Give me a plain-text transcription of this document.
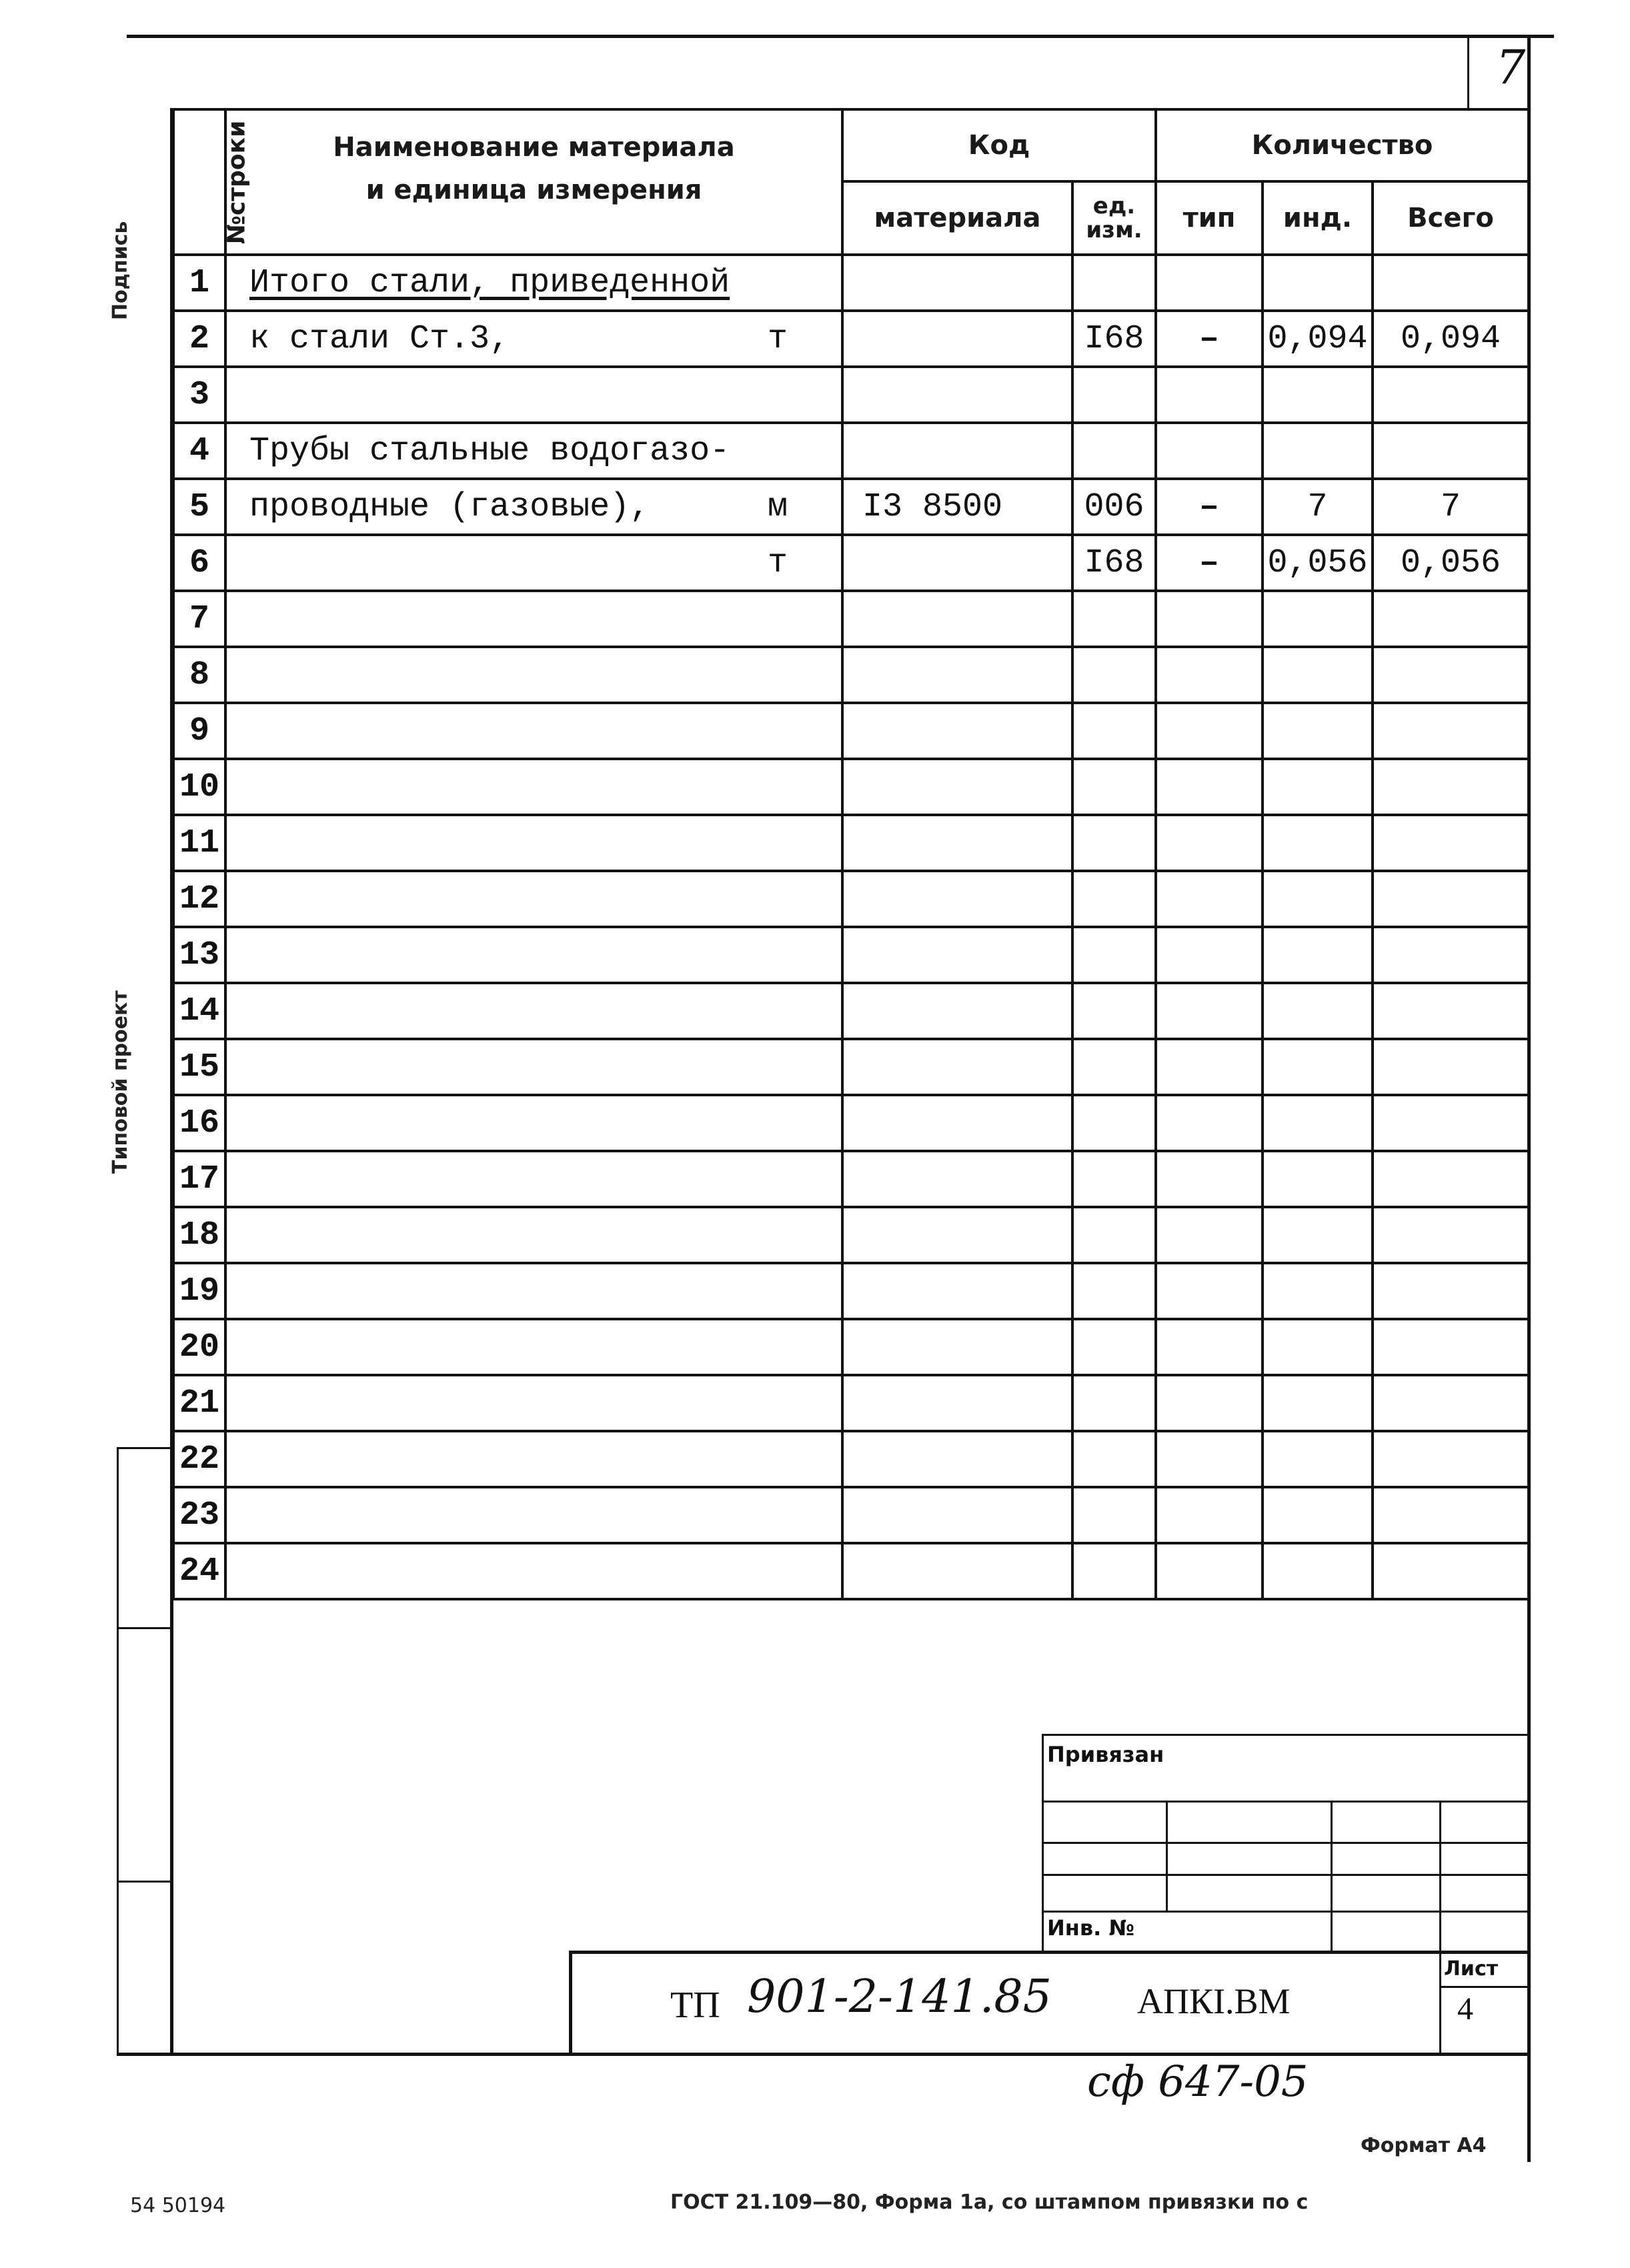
7
Подпись
Типовой проект
№строки	Наименование материала
и единица измерения	Код		Количество		
		материала	ед.
изм.	тип	инд.	Всего
1	Итого стали, приведенной

2	к стали Ст.3, т		I68	–	0,094	0,094
3	

4	Трубы стальные водогазо-

5	проводные (газовые), м	I3 8500	006	–	7	7
6	т		I68	–	0,056	0,056
7	

8	

9	

10	

11	

12	

13	

14	

15	

16	

17	

18	

19	

20	

21	

22	

23	

24	

Привязан
Инв. №
Лист
4
ТП 901-2-141.85 АПКI.ВМ
сф 647-05
Формат А4
54 50194	ГОСТ 21.109—80, Форма 1а, со штампом привязки по с
